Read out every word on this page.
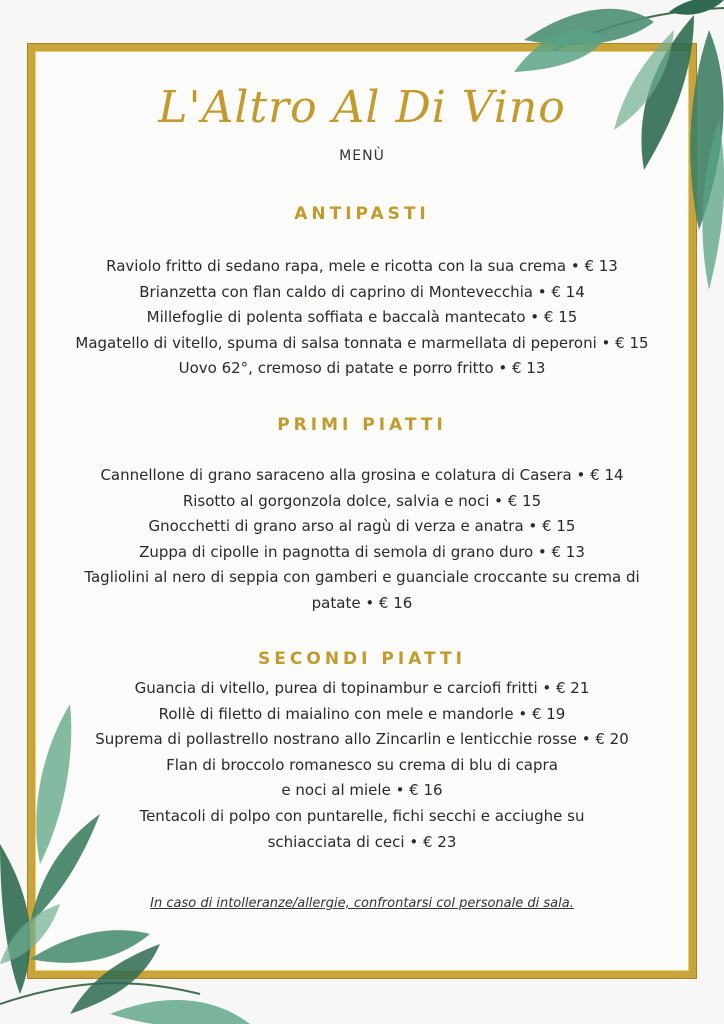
L'Altro Al Di Vino
MENÙ
ANTIPASTI
Raviolo fritto di sedano rapa, mele e ricotta con la sua crema • € 13
Brianzetta con flan caldo di caprino di Montevecchia • € 14
Millefoglie di polenta soffiata e baccalà mantecato • € 15
Magatello di vitello, spuma di salsa tonnata e marmellata di peperoni • € 15
Uovo 62°, cremoso di patate e porro fritto • € 13
PRIMI PIATTI
Cannellone di grano saraceno alla grosina e colatura di Casera • € 14
Risotto al gorgonzola dolce, salvia e noci • € 15
Gnocchetti di grano arso al ragù di verza e anatra • € 15
Zuppa di cipolle in pagnotta di semola di grano duro • € 13
Tagliolini al nero di seppia con gamberi e guanciale croccante su crema di
patate • € 16
SECONDI PIATTI
Guancia di vitello, purea di topinambur e carciofi fritti • € 21
Rollè di filetto di maialino con mele e mandorle • € 19
Suprema di pollastrello nostrano allo Zincarlin e lenticchie rosse • € 20
Flan di broccolo romanesco su crema di blu di capra
e noci al miele • € 16
Tentacoli di polpo con puntarelle, fichi secchi e acciughe su
schiacciata di ceci • € 23
In caso di intolleranze/allergie, confrontarsi col personale di sala.
